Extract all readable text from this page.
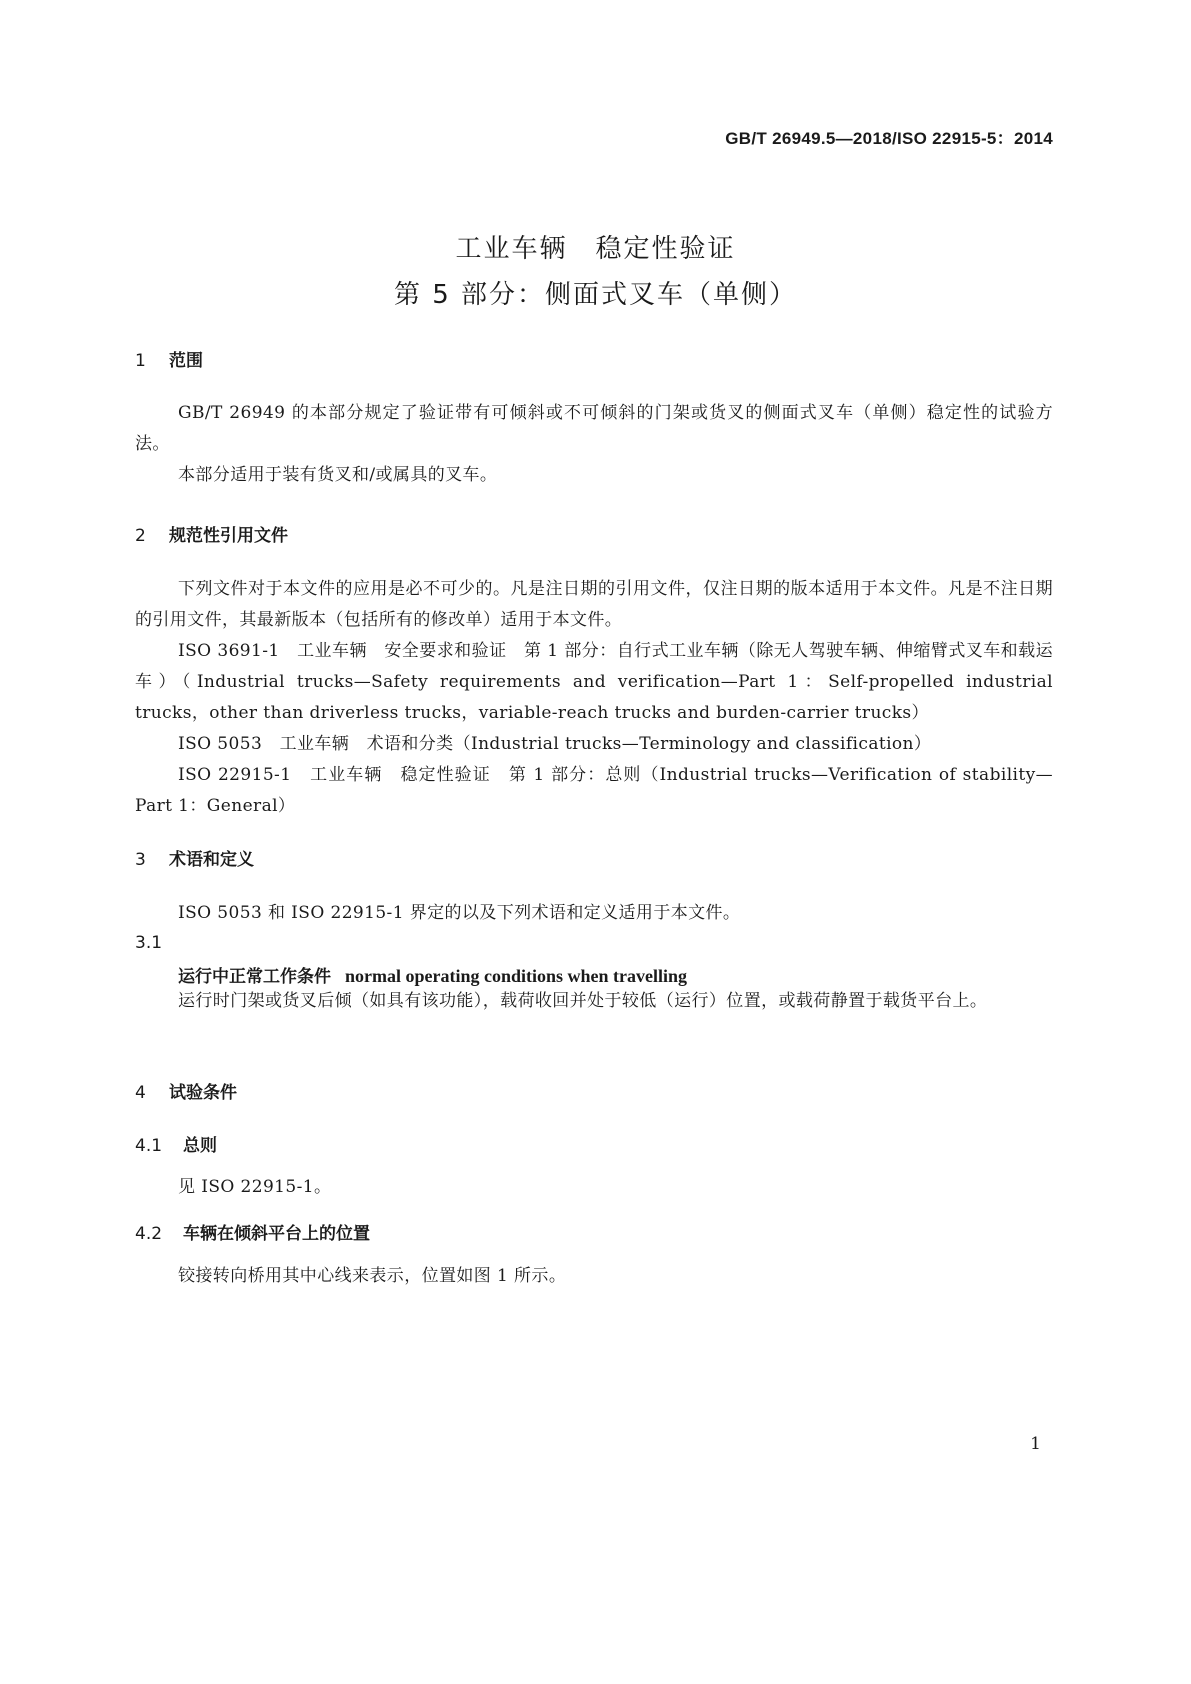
GB/T 26949.5—2018/ISO 22915-5：2014
工业车辆　稳定性验证
第 5 部分：侧面式叉车（单侧）
1 范围
GB/T 26949 的本部分规定了验证带有可倾斜或不可倾斜的门架或货叉的侧面式叉车（单侧）稳定性的试验方法。
本部分适用于装有货叉和/或属具的叉车。
2 规范性引用文件
下列文件对于本文件的应用是必不可少的。凡是注日期的引用文件，仅注日期的版本适用于本文件。凡是不注日期的引用文件，其最新版本（包括所有的修改单）适用于本文件。
ISO 3691-1　工业车辆　安全要求和验证　第 1 部分：自行式工业车辆（除无人驾驶车辆、伸缩臂式叉车和载运车）（Industrial trucks—Safety requirements and verification—Part 1：Self-propelled industrial trucks，other than driverless trucks，variable-reach trucks and burden-carrier trucks）
ISO 5053　工业车辆　术语和分类（Industrial trucks—Terminology and classification）
ISO 22915-1　工业车辆　稳定性验证　第 1 部分：总则（Industrial trucks—Verification of stability—Part 1：General）
3 术语和定义
ISO 5053 和 ISO 22915-1 界定的以及下列术语和定义适用于本文件。
3.1
运行中正常工作条件 normal operating conditions when travelling
运行时门架或货叉后倾（如具有该功能），载荷收回并处于较低（运行）位置，或载荷静置于载货平台上。
4 试验条件
4.1 总则
见 ISO 22915-1。
4.2 车辆在倾斜平台上的位置
铰接转向桥用其中心线来表示，位置如图 1 所示。
1
